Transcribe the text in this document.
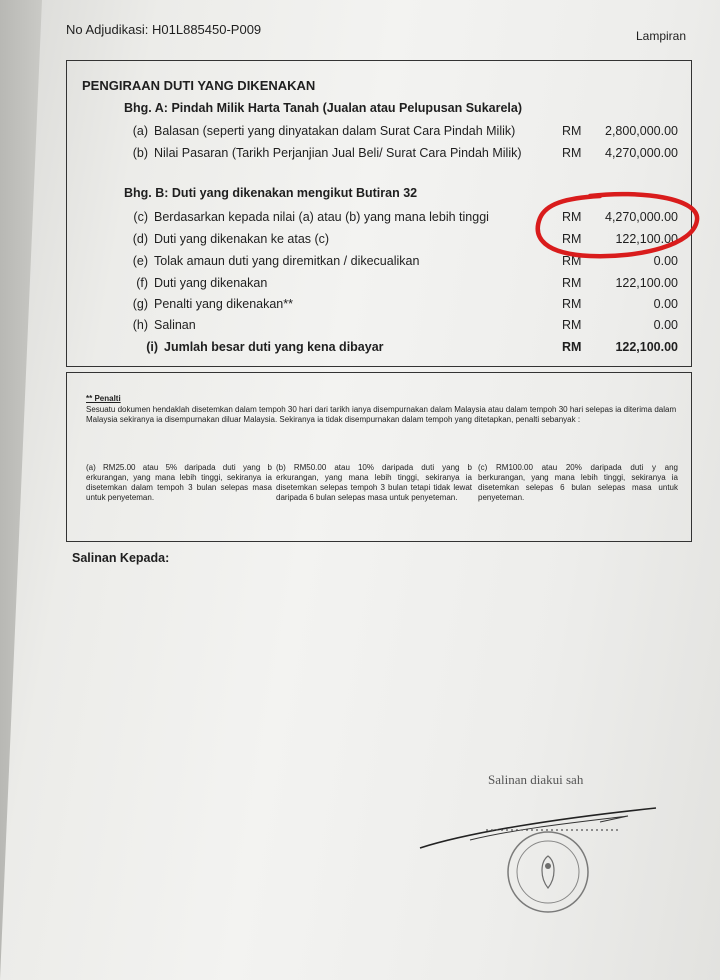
No Adjudikasi: H01L885450-P009	Lampiran
PENGIRAAN DUTI YANG DIKENAKAN
Bhg. A: Pindah Milik Harta Tanah (Jualan atau Pelupusan Sukarela)
(a) Balasan (seperti yang dinyatakan dalam Surat Cara Pindah Milik)	RM	2,800,000.00
(b) Nilai Pasaran (Tarikh Perjanjian Jual Beli/ Surat Cara Pindah Milik)	RM	4,270,000.00
Bhg. B: Duti yang dikenakan mengikut Butiran 32
(c) Berdasarkan kepada nilai (a) atau (b) yang mana lebih tinggi	RM	4,270,000.00
(d) Duti yang dikenakan ke atas (c)	RM	122,100.00
(e) Tolak amaun duti yang diremitkan / dikecualikan	RM	0.00
(f) Duti yang dikenakan	RM	122,100.00
(g) Penalti yang dikenakan**	RM	0.00
(h) Salinan	RM	0.00
(i) Jumlah besar duti yang kena dibayar	RM	122,100.00
** Penalti
Sesuatu dokumen hendaklah disetemkan dalam tempoh 30 hari dari tarikh ianya disempurnakan dalam Malaysia atau dalam tempoh 30 hari selepas ia diterima dalam Malaysia sekiranya ia disempurnakan diluar Malaysia. Sekiranya ia tidak disempurnakan dalam tempoh yang ditetapkan, penalti sebanyak :
(a) RM25.00 atau 5% daripada duti yang b erkurangan, yang mana lebih tinggi, sekiranya ia disetemkan dalam tempoh 3 bulan selepas masa untuk penyeteman.
(b) RM50.00 atau 10% daripada duti yang b erkurangan, yang mana lebih tinggi, sekiranya ia disetemkan selepas tempoh 3 bulan tetapi tidak lewat daripada 6 bulan selepas masa untuk penyeteman.
(c) RM100.00 atau 20% daripada duti y ang berkurangan, yang mana lebih tinggi, sekiranya ia disetemkan selepas 6 bulan selepas masa untuk penyeteman.
Salinan Kepada:
Salinan diakui sah
